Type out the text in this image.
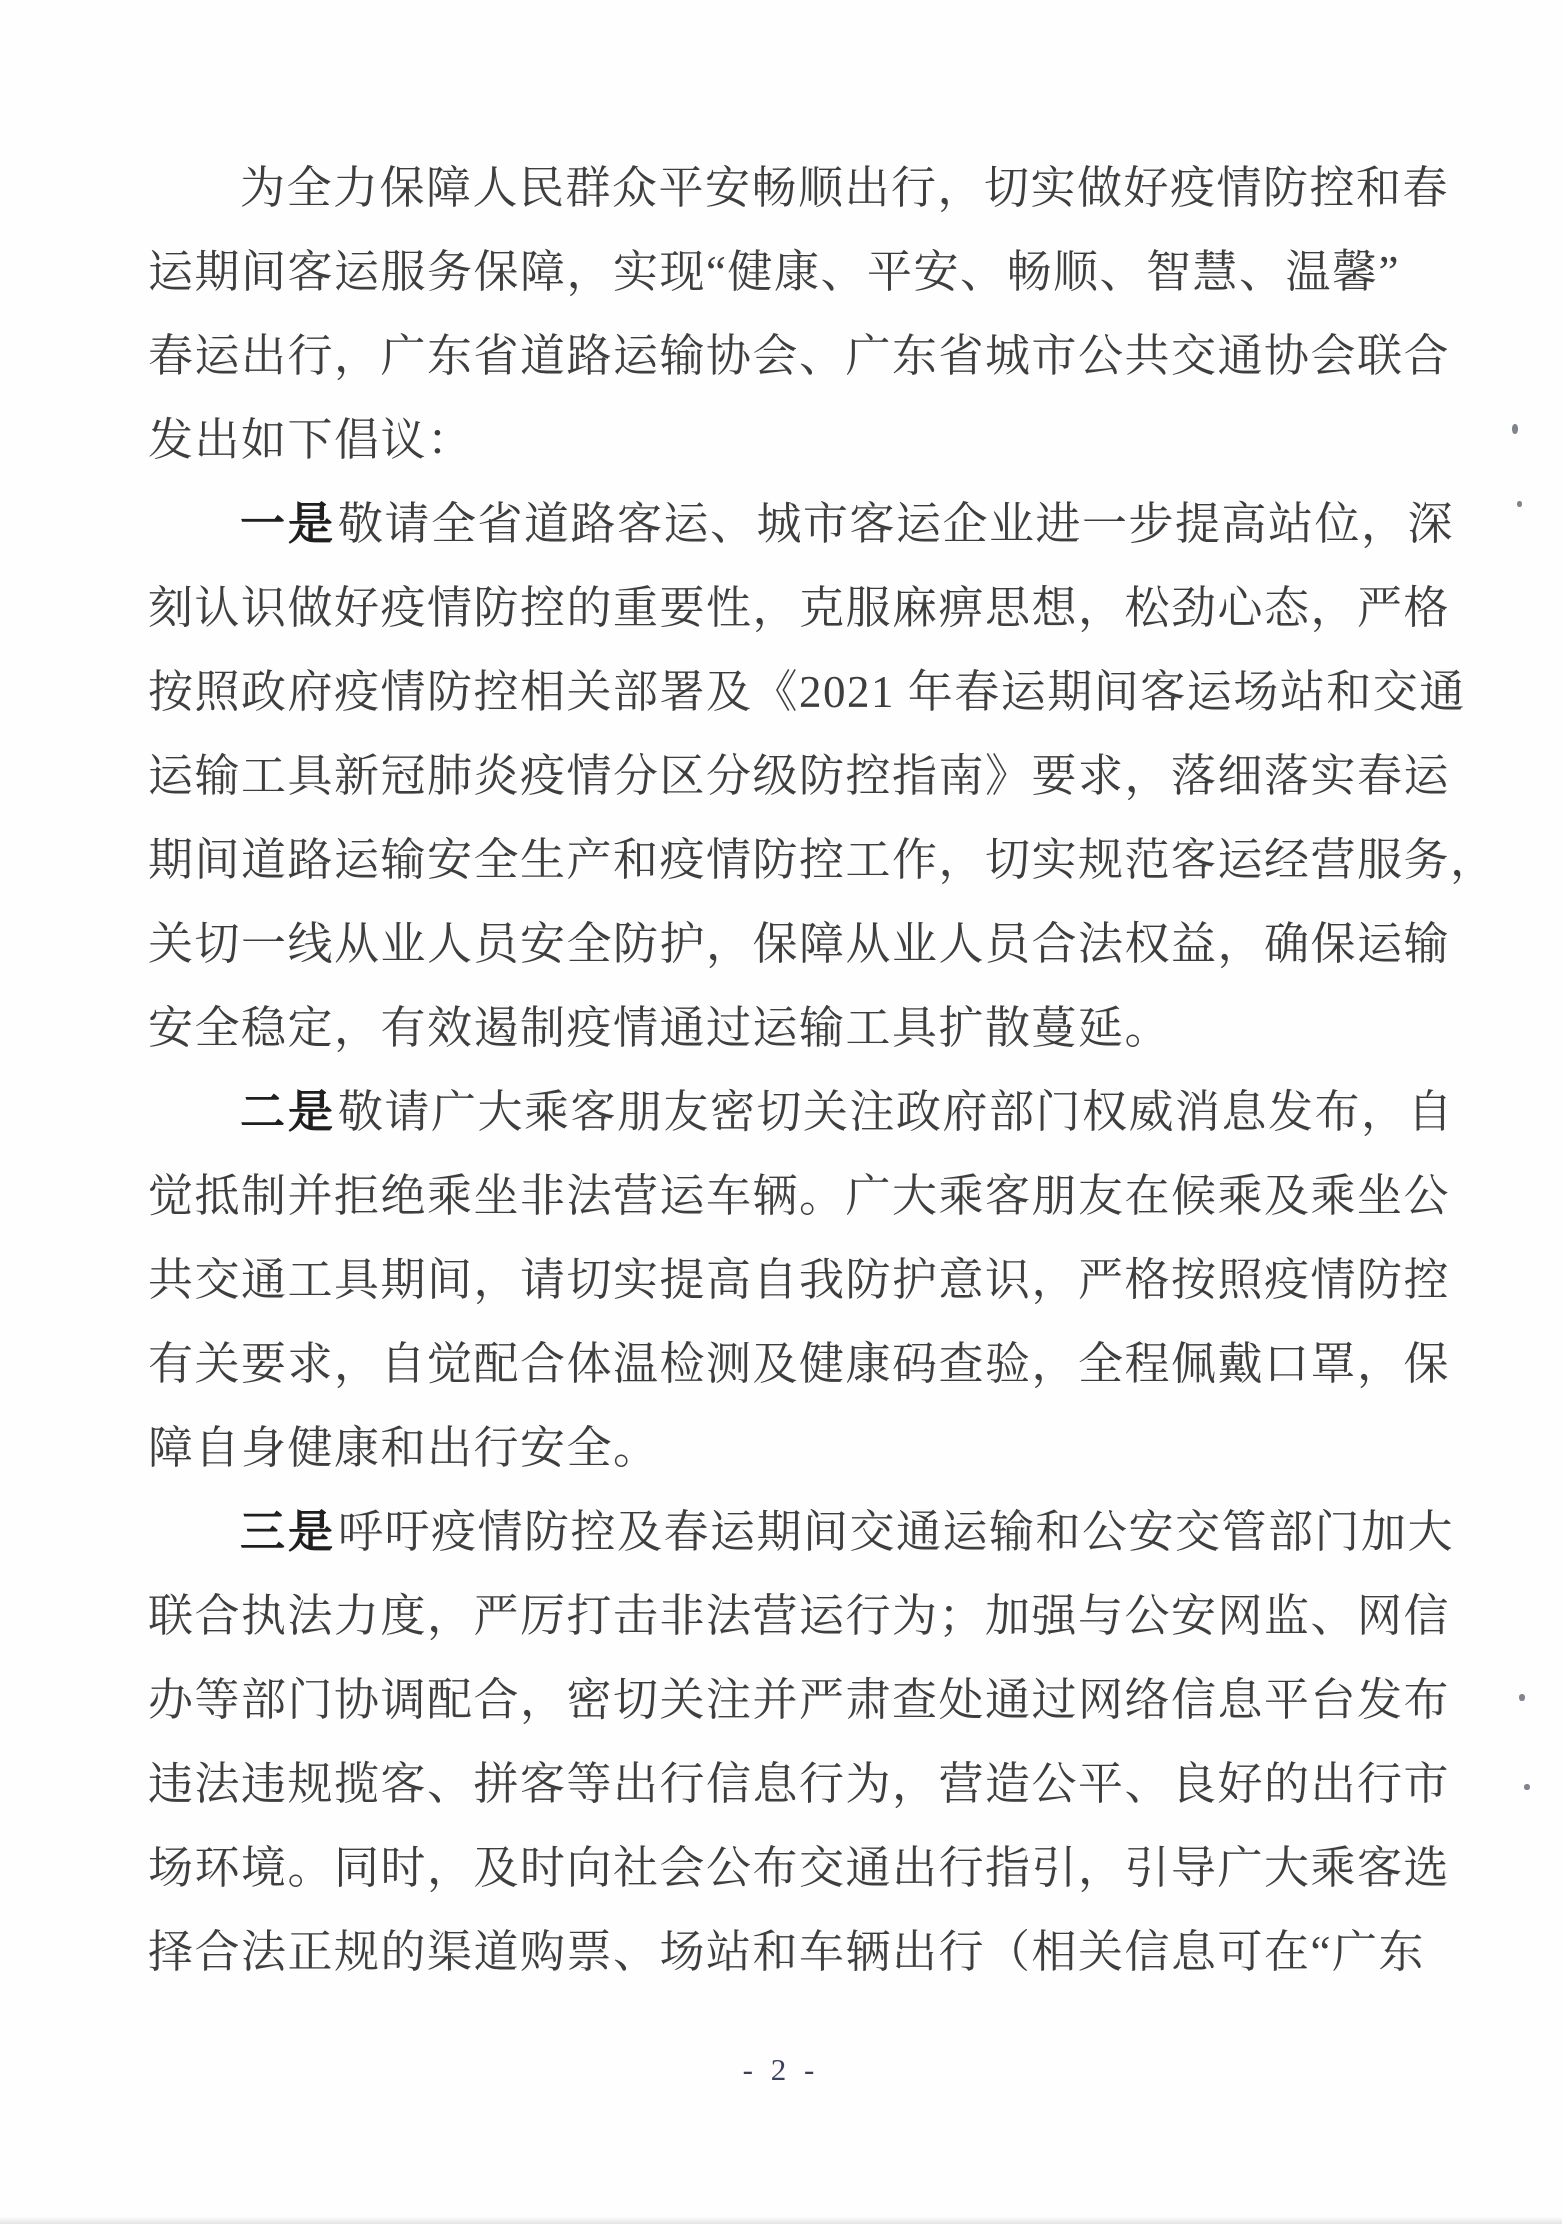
为全力保障人民群众平安畅顺出行，切实做好疫情防控和春
运期间客运服务保障，实现“健康、平安、畅顺、智慧、温馨”
春运出行，广东省道路运输协会、广东省城市公共交通协会联合
发出如下倡议：
一是敬请全省道路客运、城市客运企业进一步提高站位，深
刻认识做好疫情防控的重要性，克服麻痹思想，松劲心态，严格
按照政府疫情防控相关部署及《2021 年春运期间客运场站和交通
运输工具新冠肺炎疫情分区分级防控指南》要求，落细落实春运
期间道路运输安全生产和疫情防控工作，切实规范客运经营服务，
关切一线从业人员安全防护，保障从业人员合法权益，确保运输
安全稳定，有效遏制疫情通过运输工具扩散蔓延。
二是敬请广大乘客朋友密切关注政府部门权威消息发布，自
觉抵制并拒绝乘坐非法营运车辆。广大乘客朋友在候乘及乘坐公
共交通工具期间，请切实提高自我防护意识，严格按照疫情防控
有关要求，自觉配合体温检测及健康码查验，全程佩戴口罩，保
障自身健康和出行安全。
三是呼吁疫情防控及春运期间交通运输和公安交管部门加大
联合执法力度，严厉打击非法营运行为；加强与公安网监、网信
办等部门协调配合，密切关注并严肃查处通过网络信息平台发布
违法违规揽客、拼客等出行信息行为，营造公平、良好的出行市
场环境。同时，及时向社会公布交通出行指引，引导广大乘客选
择合法正规的渠道购票、场站和车辆出行（相关信息可在“广东
- 2 -
